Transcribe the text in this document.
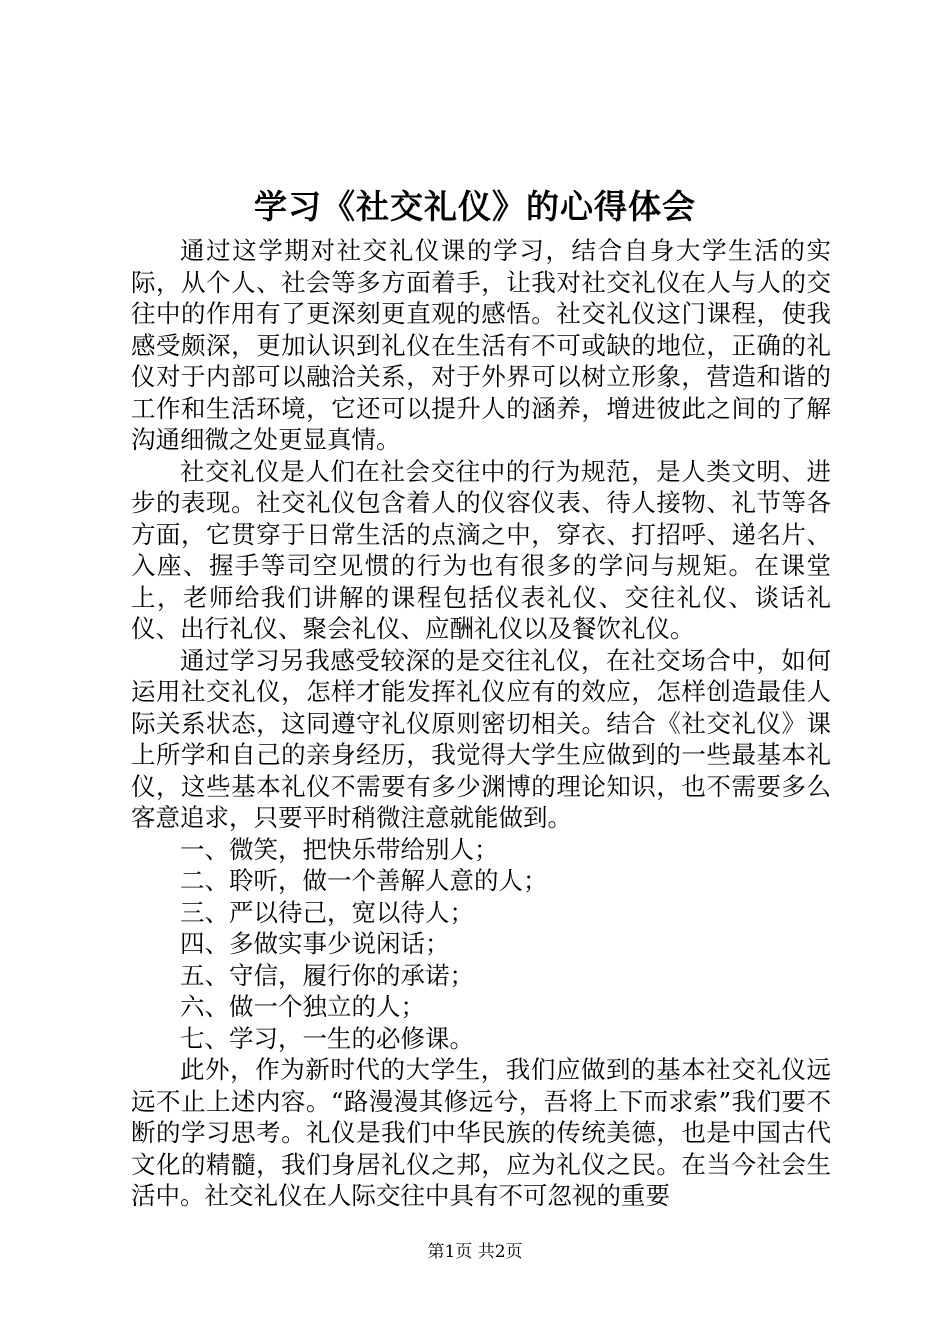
学习《社交礼仪》的心得体会

通过这学期对社交礼仪课的学习，结合自身大学生活的实际，从个人、社会等多方面着手，让我对社交礼仪在人与人的交往中的作用有了更深刻更直观的感悟。社交礼仪这门课程，使我感受颇深，更加认识到礼仪在生活有不可或缺的地位，正确的礼仪对于内部可以融洽关系，对于外界可以树立形象，营造和谐的工作和生活环境，它还可以提升人的涵养，增进彼此之间的了解沟通细微之处更显真情。

社交礼仪是人们在社会交往中的行为规范，是人类文明、进步的表现。社交礼仪包含着人的仪容仪表、待人接物、礼节等各方面，它贯穿于日常生活的点滴之中，穿衣、打招呼、递名片、入座、握手等司空见惯的行为也有很多的学问与规矩。在课堂上，老师给我们讲解的课程包括仪表礼仪、交往礼仪、谈话礼仪、出行礼仪、聚会礼仪、应酬礼仪以及餐饮礼仪。

通过学习另我感受较深的是交往礼仪，在社交场合中，如何运用社交礼仪，怎样才能发挥礼仪应有的效应，怎样创造最佳人际关系状态，这同遵守礼仪原则密切相关。结合《社交礼仪》课上所学和自己的亲身经历，我觉得大学生应做到的一些最基本礼仪，这些基本礼仪不需要有多少渊博的理论知识，也不需要多么客意追求，只要平时稍微注意就能做到。

一、微笑，把快乐带给别人；

二、聆听，做一个善解人意的人；

三、严以待己，宽以待人；

四、多做实事少说闲话；

五、守信，履行你的承诺；

六、做一个独立的人；

七、学习，一生的必修课。

此外，作为新时代的大学生，我们应做到的基本社交礼仪远远不止上述内容。“路漫漫其修远兮，吾将上下而求索”我们要不断的学习思考。礼仪是我们中华民族的传统美德，也是中国古代文化的精髓，我们身居礼仪之邦，应为礼仪之民。在当今社会生活中。社交礼仪在人际交往中具有不可忽视的重要

第1页 共2页
